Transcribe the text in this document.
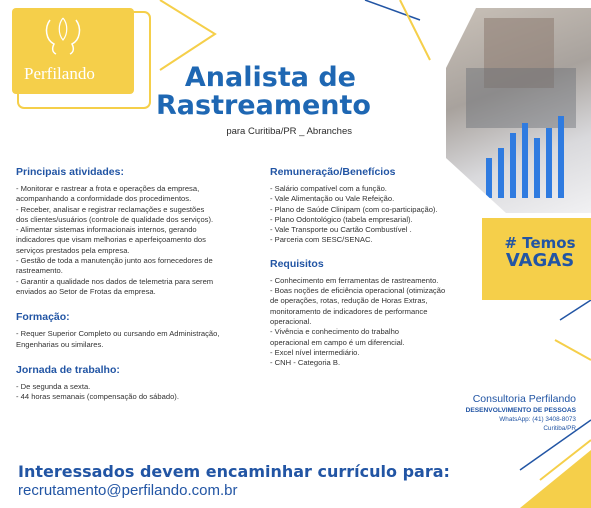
Perfilando	Analista de
Rastreamento
para Curitiba/PR _ Abranches
Principais atividades:
- Monitorar e rastrear a frota e operações da empresa,
acompanhando a conformidade dos procedimentos.
- Receber, analisar e registrar reclamações e sugestões
dos clientes/usuários (controle de qualidade dos serviços).
- Alimentar sistemas informacionais internos, gerando
indicadores que visam melhorias e aperfeiçoamento dos
serviços prestados pela empresa.
- Gestão de toda a manutenção junto aos fornecedores de
rastreamento.
- Garantir a qualidade nos dados de telemetria para serem
enviados ao Setor de Frotas da empresa.
Formação:
- Requer Superior Completo ou cursando em Administração,
Engenharias ou similares.
Jornada de trabalho:
- De segunda a sexta.
- 44 horas semanais (compensação do sábado).
Remuneração/Benefícios
- Salário compatível com a função.
- Vale Alimentação ou Vale Refeição.
- Plano de Saúde Clinipam (com co-participação).
- Plano Odontológico (tabela empresarial).
- Vale Transporte ou Cartão Combustível .
- Parceria com SESC/SENAC.
Requisitos
- Conhecimento em ferramentas de rastreamento.
- Boas noções de eficiência operacional (otimização
de operações, rotas, redução de Horas Extras,
monitoramento de indicadores de performance
operacional.
- Vivência e conhecimento do trabalho
operacional em campo é um diferencial.
- Excel nível intermediário.
- CNH - Categoria B.
# Temos
VAGAS
Consultoria Perfilando
DESENVOLVIMENTO DE PESSOAS
WhatsApp: (41) 3408-8073
Curitiba/PR
Interessados devem encaminhar currículo para:
recrutamento@perfilando.com.br
